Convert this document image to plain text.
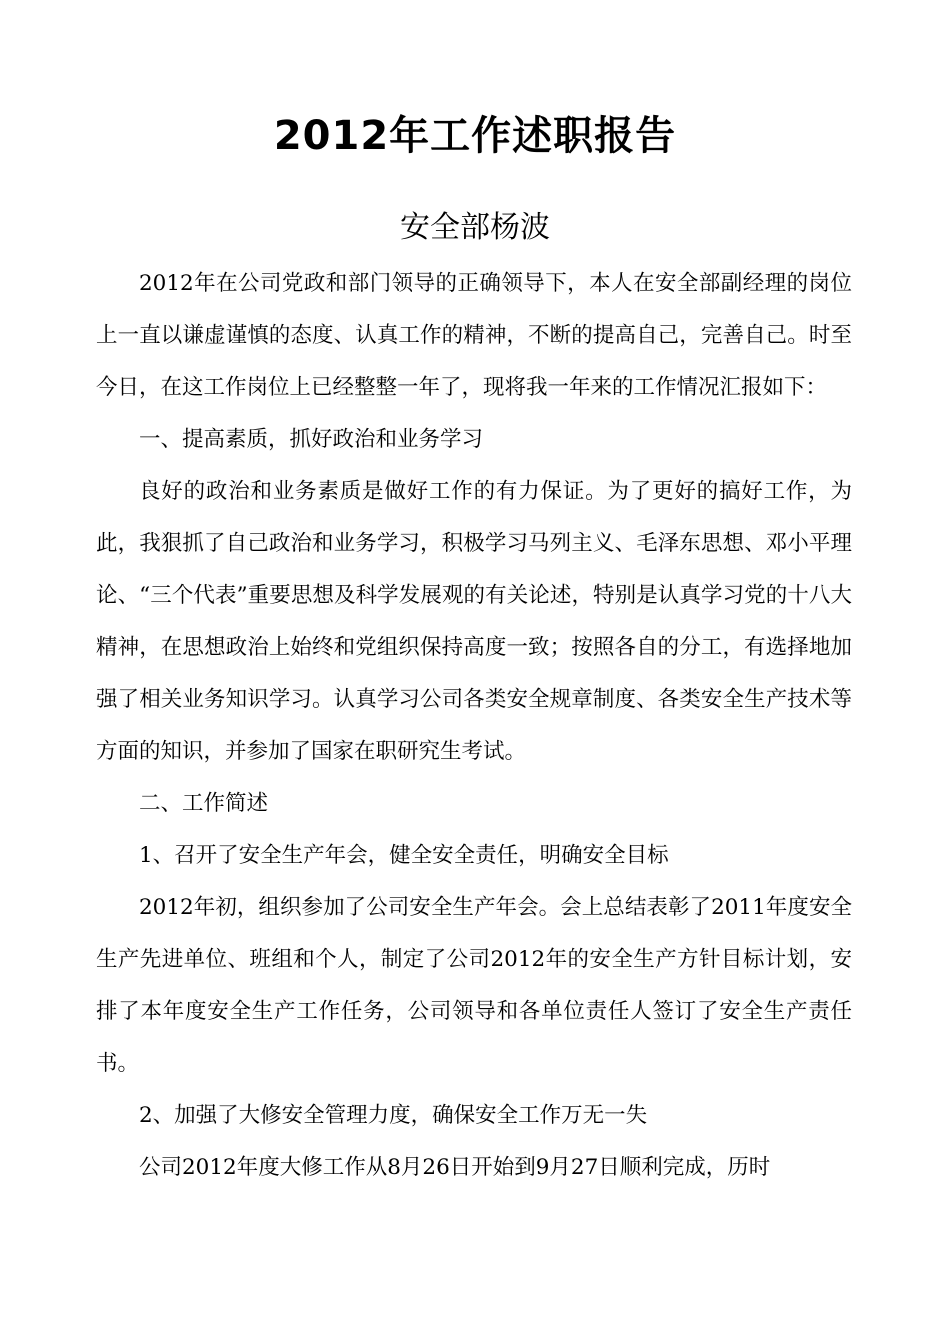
2012年工作述职报告
安全部杨波

2012年在公司党政和部门领导的正确领导下，本人在安全部副经理的岗位上一直以谦虚谨慎的态度、认真工作的精神，不断的提高自己，完善自己。时至今日，在这工作岗位上已经整整一年了，现将我一年来的工作情况汇报如下：

一、提高素质，抓好政治和业务学习

良好的政治和业务素质是做好工作的有力保证。为了更好的搞好工作，为此，我狠抓了自己政治和业务学习，积极学习马列主义、毛泽东思想、邓小平理论、“三个代表”重要思想及科学发展观的有关论述，特别是认真学习党的十八大精神，在思想政治上始终和党组织保持高度一致；按照各自的分工，有选择地加强了相关业务知识学习。认真学习公司各类安全规章制度、各类安全生产技术等方面的知识，并参加了国家在职研究生考试。

二、工作简述

1、召开了安全生产年会，健全安全责任，明确安全目标

2012年初，组织参加了公司安全生产年会。会上总结表彰了2011年度安全生产先进单位、班组和个人，制定了公司2012年的安全生产方针目标计划，安排了本年度安全生产工作任务，公司领导和各单位责任人签订了安全生产责任书。

2、加强了大修安全管理力度，确保安全工作万无一失

公司2012年度大修工作从8月26日开始到9月27日顺利完成，历时
